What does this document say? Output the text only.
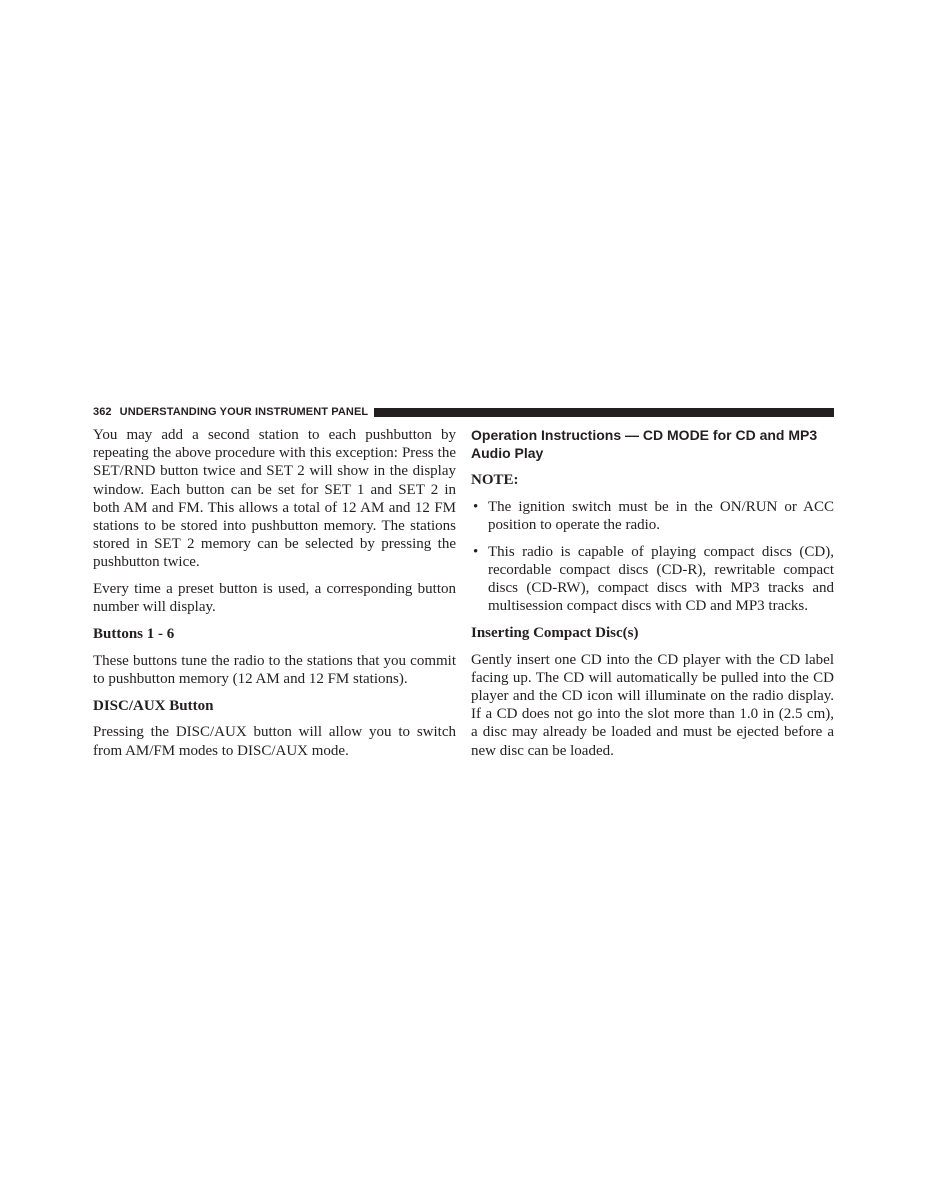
362 UNDERSTANDING YOUR INSTRUMENT PANEL

You may add a second station to each pushbutton by repeating the above procedure with this exception: Press the SET/RND button twice and SET 2 will show in the display window. Each button can be set for SET 1 and SET 2 in both AM and FM. This allows a total of 12 AM and 12 FM stations to be stored into pushbutton memory. The stations stored in SET 2 memory can be selected by pressing the pushbutton twice.

Every time a preset button is used, a corresponding button number will display.

Buttons 1 - 6

These buttons tune the radio to the stations that you commit to pushbutton memory (12 AM and 12 FM stations).

DISC/AUX Button

Pressing the DISC/AUX button will allow you to switch from AM/FM modes to DISC/AUX mode.

Operation Instructions — CD MODE for CD and MP3 Audio Play
NOTE:
• The ignition switch must be in the ON/RUN or ACC position to operate the radio.
• This radio is capable of playing compact discs (CD), recordable compact discs (CD-R), rewritable compact discs (CD-RW), compact discs with MP3 tracks and multisession compact discs with CD and MP3 tracks.
Inserting Compact Disc(s)

Gently insert one CD into the CD player with the CD label facing up. The CD will automatically be pulled into the CD player and the CD icon will illuminate on the radio display. If a CD does not go into the slot more than 1.0 in (2.5 cm), a disc may already be loaded and must be ejected before a new disc can be loaded.
